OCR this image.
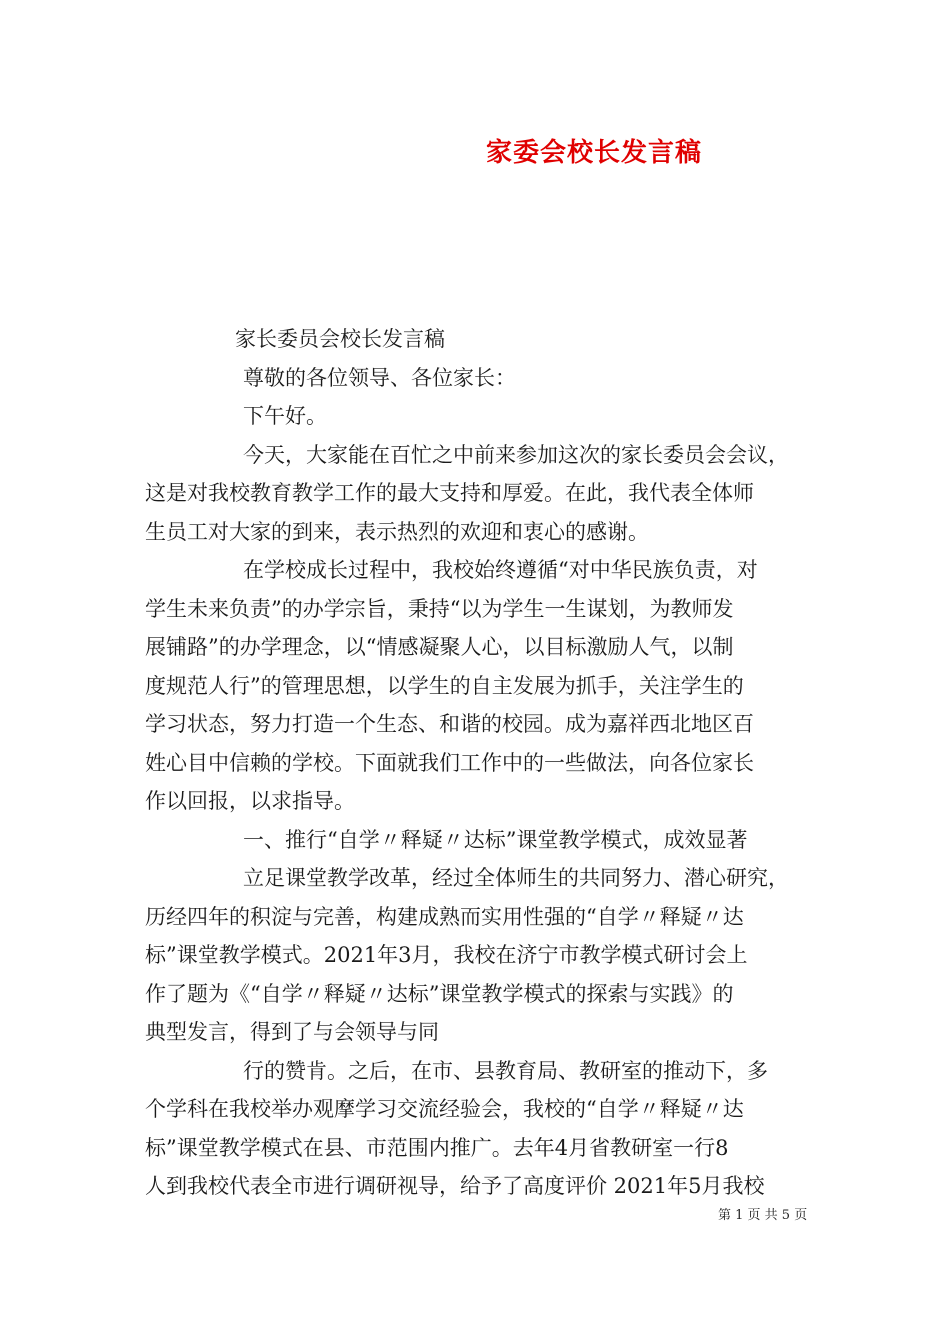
家委会校长发言稿
家长委员会校长发言稿
尊敬的各位领导、各位家长：
下午好。
今天，大家能在百忙之中前来参加这次的家长委员会会议，
这是对我校教育教学工作的最大支持和厚爱。在此，我代表全体师
生员工对大家的到来，表示热烈的欢迎和衷心的感谢。
在学校成长过程中，我校始终遵循“对中华民族负责，对
学生未来负责”的办学宗旨，秉持“以为学生一生谋划，为教师发
展铺路”的办学理念，以“情感凝聚人心，以目标激励人气，以制
度规范人行”的管理思想，以学生的自主发展为抓手，关注学生的
学习状态，努力打造一个生态、和谐的校园。成为嘉祥西北地区百
姓心目中信赖的学校。下面就我们工作中的一些做法，向各位家长
作以回报，以求指导。
一、推行“自学〃释疑〃达标”课堂教学模式，成效显著
立足课堂教学改革，经过全体师生的共同努力、潜心研究，
历经四年的积淀与完善，构建成熟而实用性强的“自学〃释疑〃达
标”课堂教学模式。2021年3月，我校在济宁市教学模式研讨会上
作了题为《“自学〃释疑〃达标”课堂教学模式的探索与实践》的
典型发言，得到了与会领导与同
行的赞肯。之后，在市、县教育局、教研室的推动下，多
个学科在我校举办观摩学习交流经验会，我校的“自学〃释疑〃达
标”课堂教学模式在县、市范围内推广。去年4月省教研室一行8
人到我校代表全市进行调研视导，给予了高度评价 2021年5月我校
第 1 页 共 5 页
